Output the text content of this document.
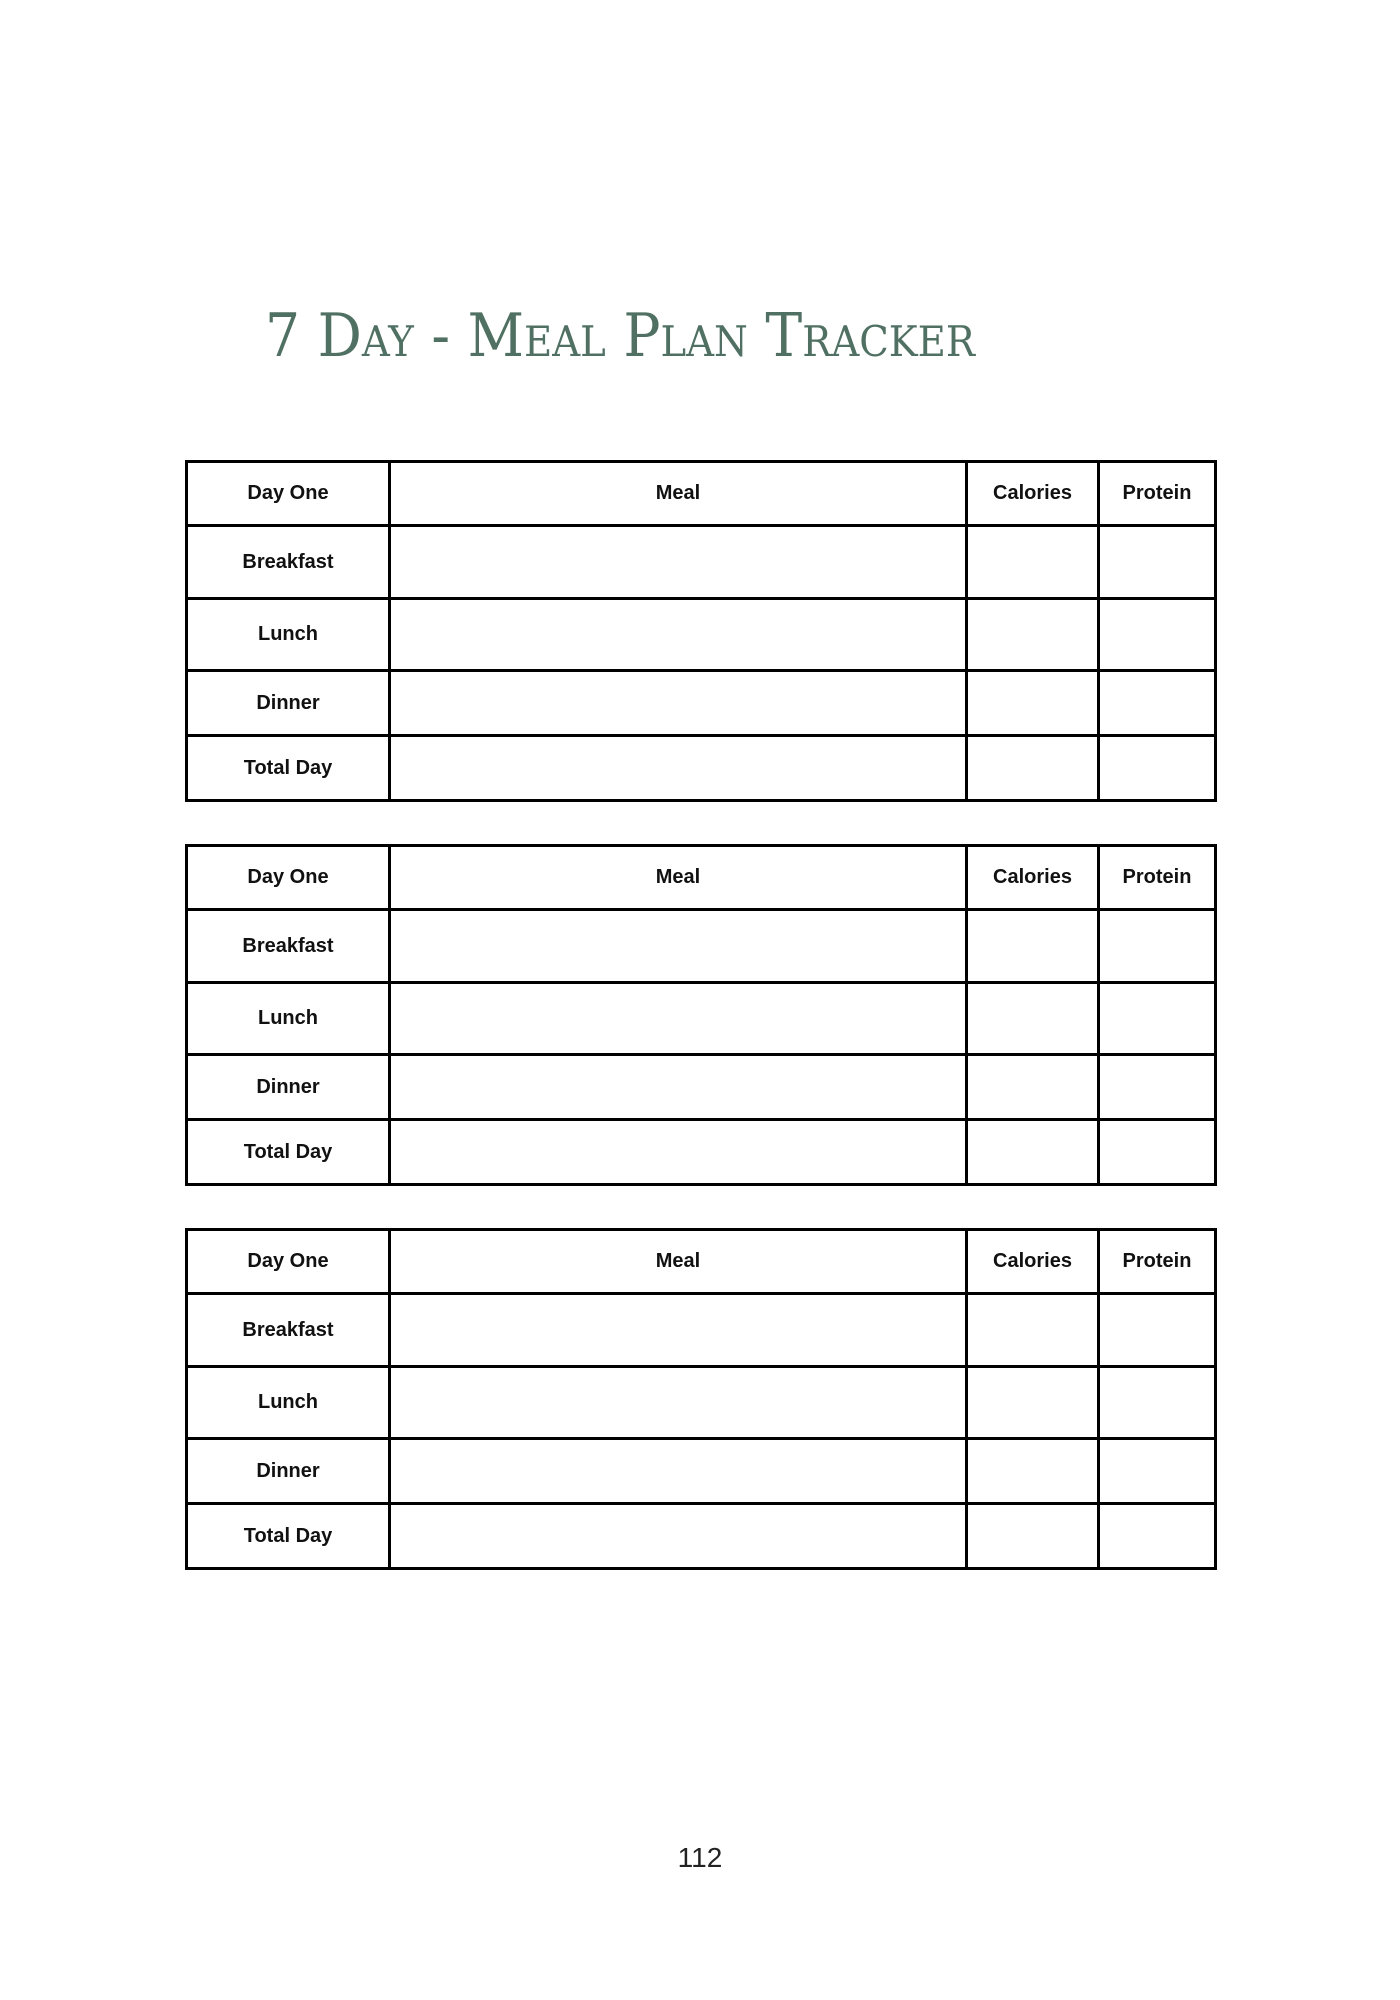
7 Day - Meal Plan Tracker
Day One	Meal	Calories	Protein
Breakfast			
Lunch			
Dinner			
Total Day			
Day One	Meal	Calories	Protein
Breakfast			
Lunch			
Dinner			
Total Day			
Day One	Meal	Calories	Protein
Breakfast			
Lunch			
Dinner			
Total Day			
112
